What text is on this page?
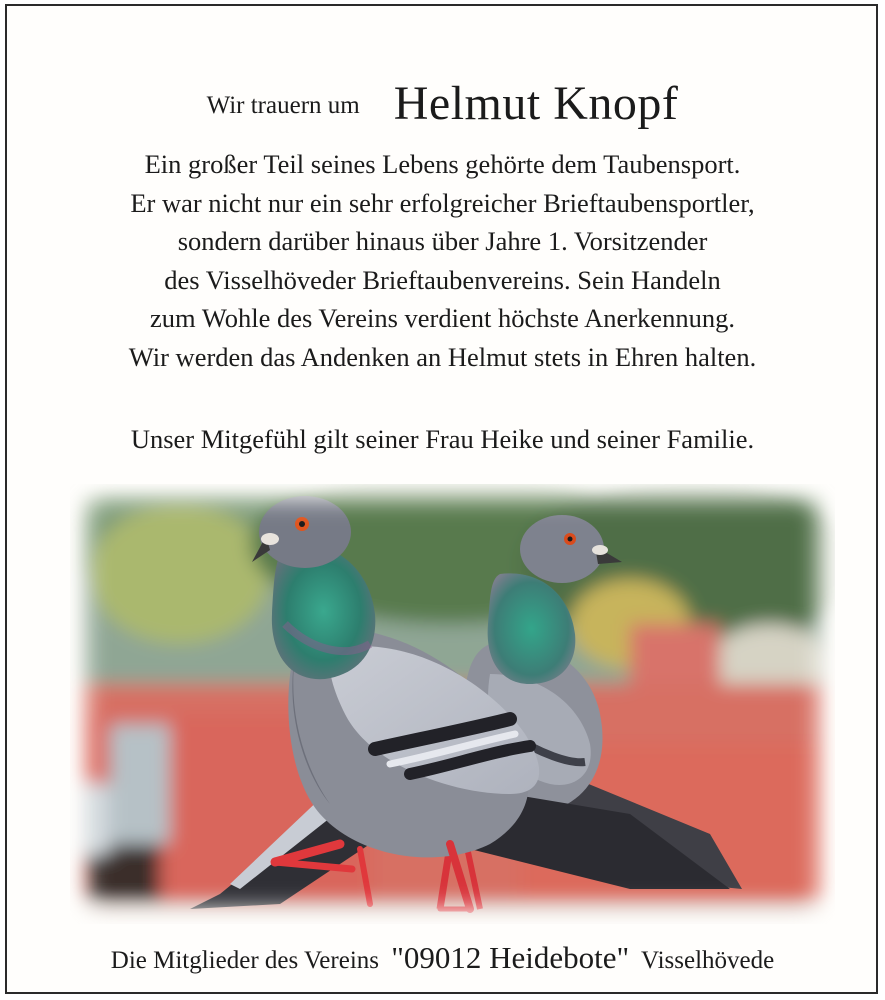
Wir trauern um Helmut Knopf
Ein großer Teil seines Lebens gehörte dem Taubensport.
Er war nicht nur ein sehr erfolgreicher Brieftaubensportler,
sondern darüber hinaus über Jahre 1. Vorsitzender
des Visselhöveder Brieftaubenvereins. Sein Handeln
zum Wohle des Vereins verdient höchste Anerkennung.
Wir werden das Andenken an Helmut stets in Ehren halten.
Unser Mitgefühl gilt seiner Frau Heike und seiner Familie.
Die Mitglieder des Vereins "09012 Heidebote" Visselhövede
